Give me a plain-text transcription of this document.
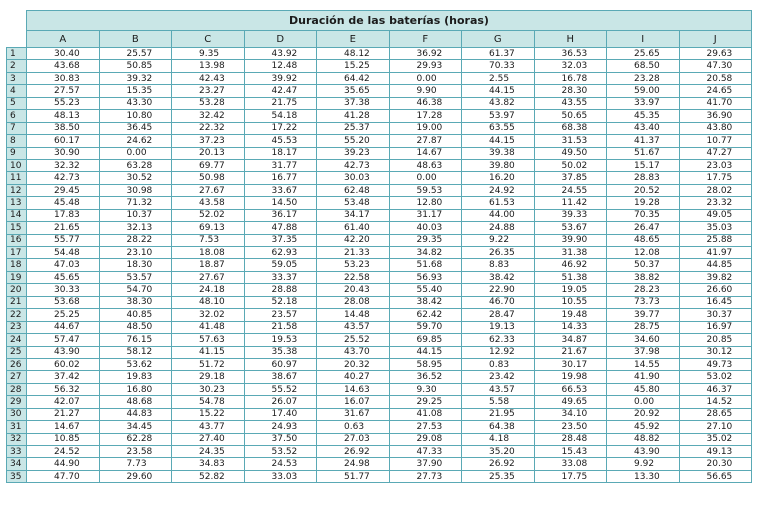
	Duración de las baterías (horas)									
	A	B	C	D	E	F	G	H	I	J
1	30.40	25.57	9.35	43.92	48.12	36.92	61.37	36.53	25.65	29.63
2	43.68	50.85	13.98	12.48	15.25	29.93	70.33	32.03	68.50	47.30
3	30.83	39.32	42.43	39.92	64.42	0.00	2.55	16.78	23.28	20.58
4	27.57	15.35	23.27	42.47	35.65	9.90	44.15	28.30	59.00	24.65
5	55.23	43.30	53.28	21.75	37.38	46.38	43.82	43.55	33.97	41.70
6	48.13	10.80	32.42	54.18	41.28	17.28	53.97	50.65	45.35	36.90
7	38.50	36.45	22.32	17.22	25.37	19.00	63.55	68.38	43.40	43.80
8	60.17	24.62	37.23	45.53	55.20	27.87	44.15	31.53	41.37	10.77
9	30.90	0.00	20.13	18.17	39.23	14.67	39.38	49.50	51.67	47.27
10	32.32	63.28	69.77	31.77	42.73	48.63	39.80	50.02	15.17	23.03
11	42.73	30.52	50.98	16.77	30.03	0.00	16.20	37.85	28.83	17.75
12	29.45	30.98	27.67	33.67	62.48	59.53	24.92	24.55	20.52	28.02
13	45.48	71.32	43.58	14.50	53.48	12.80	61.53	11.42	19.28	23.32
14	17.83	10.37	52.02	36.17	34.17	31.17	44.00	39.33	70.35	49.05
15	21.65	32.13	69.13	47.88	61.40	40.03	24.88	53.67	26.47	35.03
16	55.77	28.22	7.53	37.35	42.20	29.35	9.22	39.90	48.65	25.88
17	54.48	23.10	18.08	62.93	21.33	34.82	26.35	31.38	12.08	41.97
18	47.03	18.30	18.87	59.05	53.23	51.68	8.83	46.92	50.37	44.85
19	45.65	53.57	27.67	33.37	22.58	56.93	38.42	51.38	38.82	39.82
20	30.33	54.70	24.18	28.88	20.43	55.40	22.90	19.05	28.23	26.60
21	53.68	38.30	48.10	52.18	28.08	38.42	46.70	10.55	73.73	16.45
22	25.25	40.85	32.02	23.57	14.48	62.42	28.47	19.48	39.77	30.37
23	44.67	48.50	41.48	21.58	43.57	59.70	19.13	14.33	28.75	16.97
24	57.47	76.15	57.63	19.53	25.52	69.85	62.33	34.87	34.60	20.85
25	43.90	58.12	41.15	35.38	43.70	44.15	12.92	21.67	37.98	30.12
26	60.02	53.62	51.72	60.97	20.32	58.95	0.83	30.17	14.55	49.73
27	37.42	19.83	29.18	38.67	40.27	36.52	23.42	19.98	41.90	53.02
28	56.32	16.80	30.23	55.52	14.63	9.30	43.57	66.53	45.80	46.37
29	42.07	48.68	54.78	26.07	16.07	29.25	5.58	49.65	0.00	14.52
30	21.27	44.83	15.22	17.40	31.67	41.08	21.95	34.10	20.92	28.65
31	14.67	34.45	43.77	24.93	0.63	27.53	64.38	23.50	45.92	27.10
32	10.85	62.28	27.40	37.50	27.03	29.08	4.18	28.48	48.82	35.02
33	24.52	23.58	24.35	53.52	26.92	47.33	35.20	15.43	43.90	49.13
34	44.90	7.73	34.83	24.53	24.98	37.90	26.92	33.08	9.92	20.30
35	47.70	29.60	52.82	33.03	51.77	27.73	25.35	17.75	13.30	56.65
